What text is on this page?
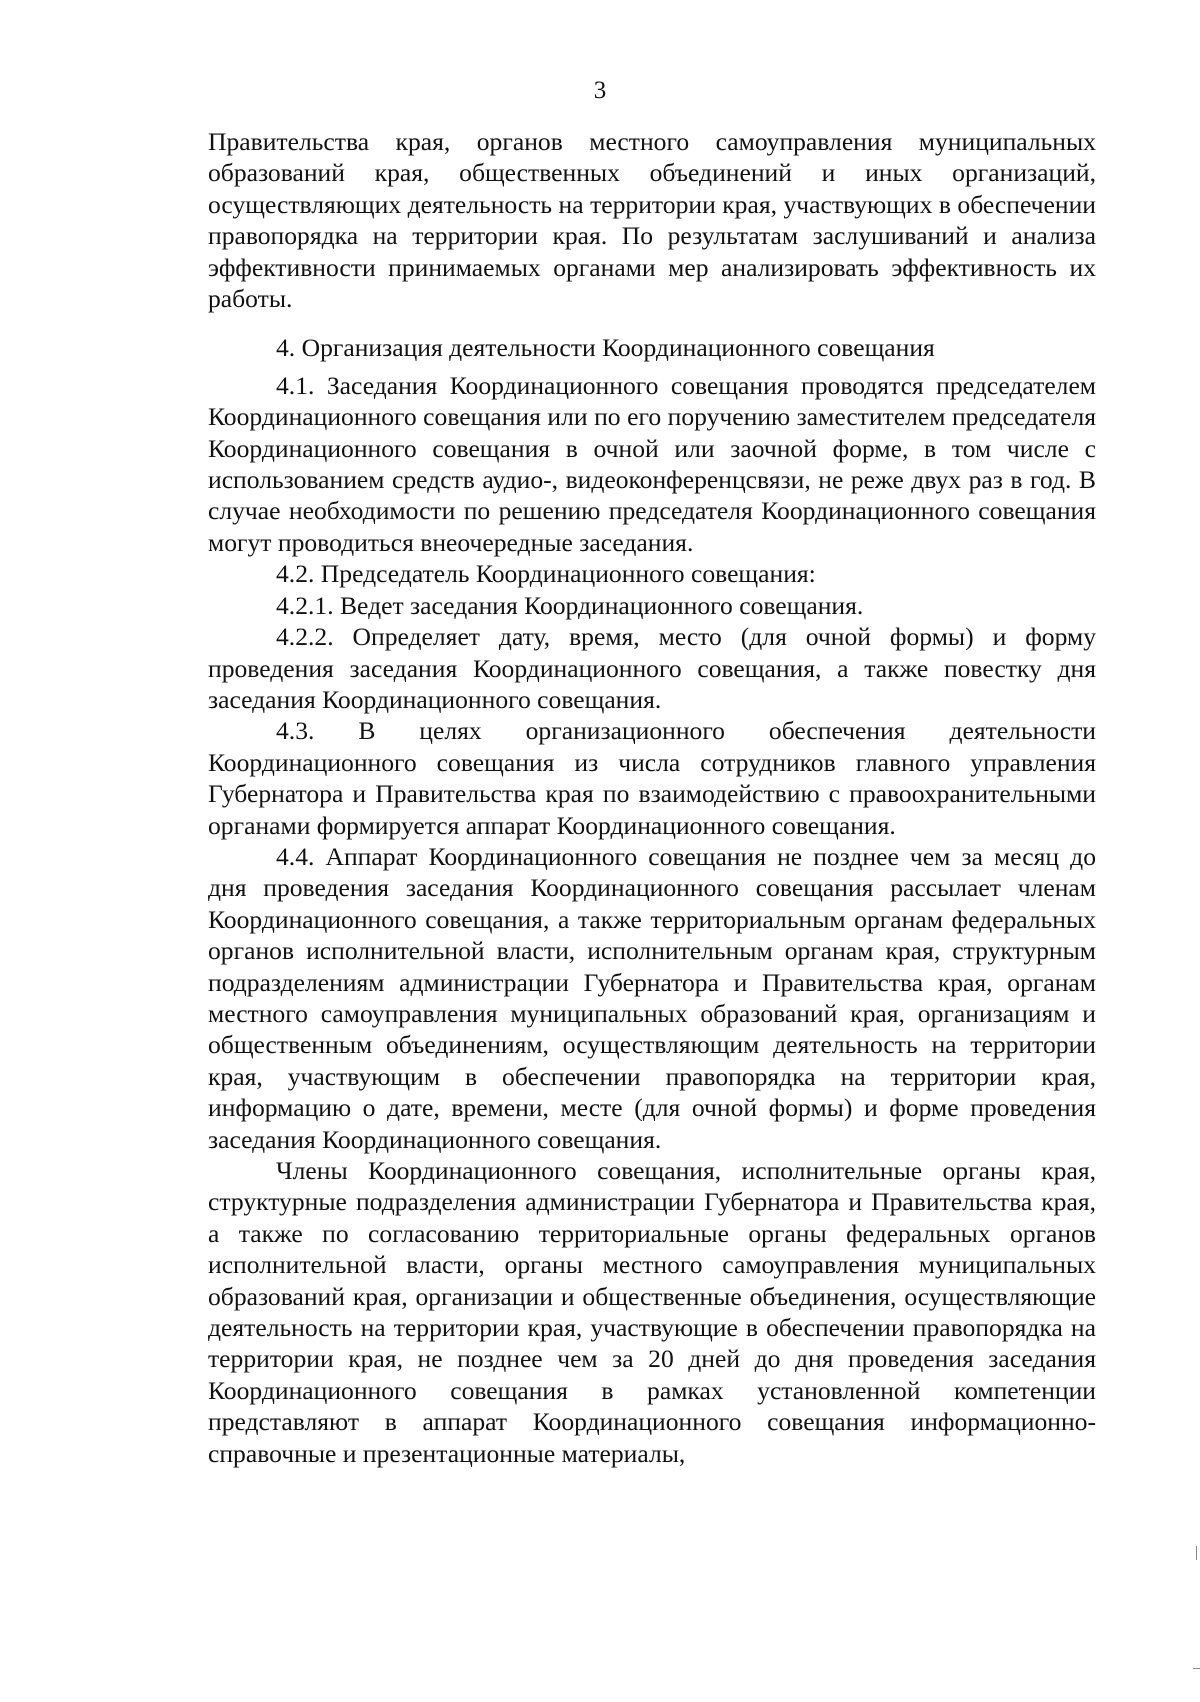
3

Правительства края, органов местного самоуправления муниципальных образований края, общественных объединений и иных организаций, осуществляющих деятельность на территории края, участвующих в обеспечении правопорядка на территории края. По результатам заслушиваний и анализа эффективности принимаемых органами мер анализировать эффективность их работы.

4. Организация деятельности Координационного совещания

4.1. Заседания Координационного совещания проводятся председателем Координационного совещания или по его поручению заместителем председателя Координационного совещания в очной или заочной форме, в том числе с использованием средств аудио-, видеоконференцсвязи, не реже двух раз в год. В случае необходимости по решению председателя Координационного совещания могут проводиться внеочередные заседания.

4.2. Председатель Координационного совещания:

4.2.1. Ведет заседания Координационного совещания.

4.2.2. Определяет дату, время, место (для очной формы) и форму проведения заседания Координационного совещания, а также повестку дня заседания Координационного совещания.

4.3. В целях организационного обеспечения деятельности Координационного совещания из числа сотрудников главного управления Губернатора и Правительства края по взаимодействию с правоохранительными органами формируется аппарат Координационного совещания.

4.4. Аппарат Координационного совещания не позднее чем за месяц до дня проведения заседания Координационного совещания рассылает членам Координационного совещания, а также территориальным органам федеральных органов исполнительной власти, исполнительным органам края, структурным подразделениям администрации Губернатора и Правительства края, органам местного самоуправления муниципальных образований края, организациям и общественным объединениям, осуществляющим деятельность на территории края, участвующим в обеспечении правопорядка на территории края, информацию о дате, времени, месте (для очной формы) и форме проведения заседания Координационного совещания.

Члены Координационного совещания, исполнительные органы края, структурные подразделения администрации Губернатора и Правительства края, а также по согласованию территориальные органы федеральных органов исполнительной власти, органы местного самоуправления муниципальных образований края, организации и общественные объединения, осуществляющие деятельность на территории края, участвующие в обеспечении правопорядка на территории края, не позднее чем за 20 дней до дня проведения заседания Координационного совещания в рамках установленной компетенции представляют в аппарат Координационного совещания информационно-справочные и презентационные материалы,
